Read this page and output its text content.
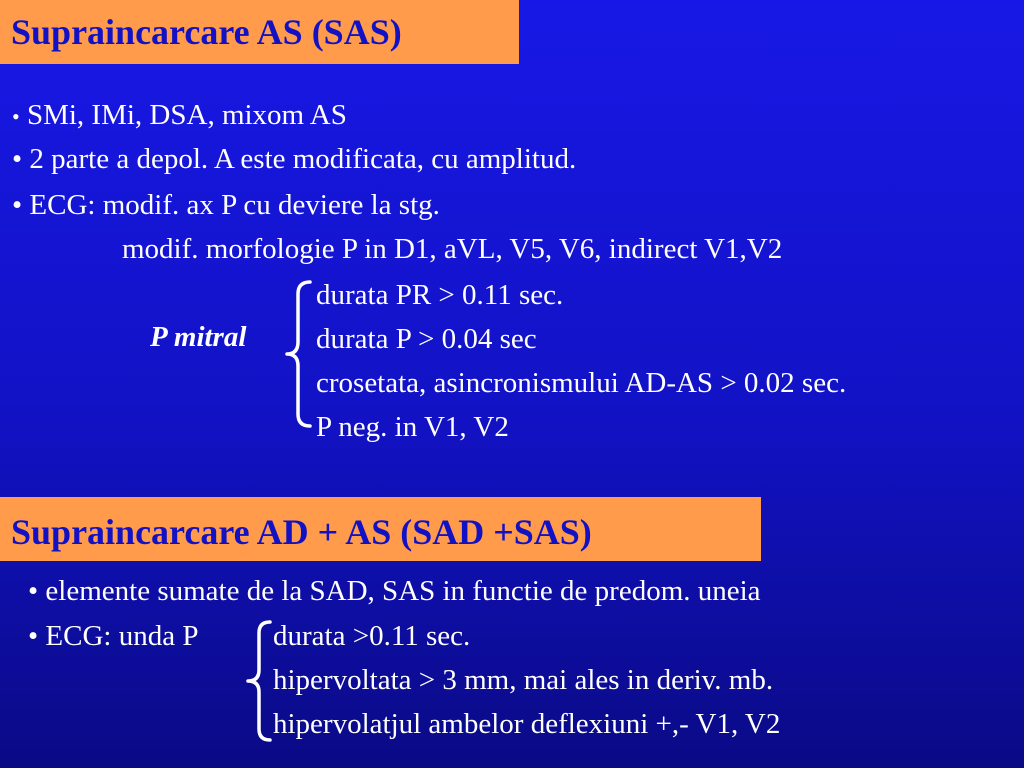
Supraincarcare AS (SAS)
• SMi, IMi, DSA, mixom AS
• 2 parte a depol. A este modificata, cu amplitud.
• ECG: modif. ax P cu deviere la stg.
modif. morfologie P in D1, aVL, V5, V6, indirect V1,V2
P mitral
durata PR > 0.11 sec.
durata P > 0.04 sec
crosetata, asincronismului AD-AS > 0.02 sec.
P neg. in V1, V2
Supraincarcare AD + AS (SAD +SAS)
• elemente sumate de la SAD, SAS in functie de predom. uneia
• ECG: unda P	durata >0.11 sec.
hipervoltata > 3 mm, mai ales in deriv. mb.
hipervolatjul ambelor deflexiuni +,- V1, V2
